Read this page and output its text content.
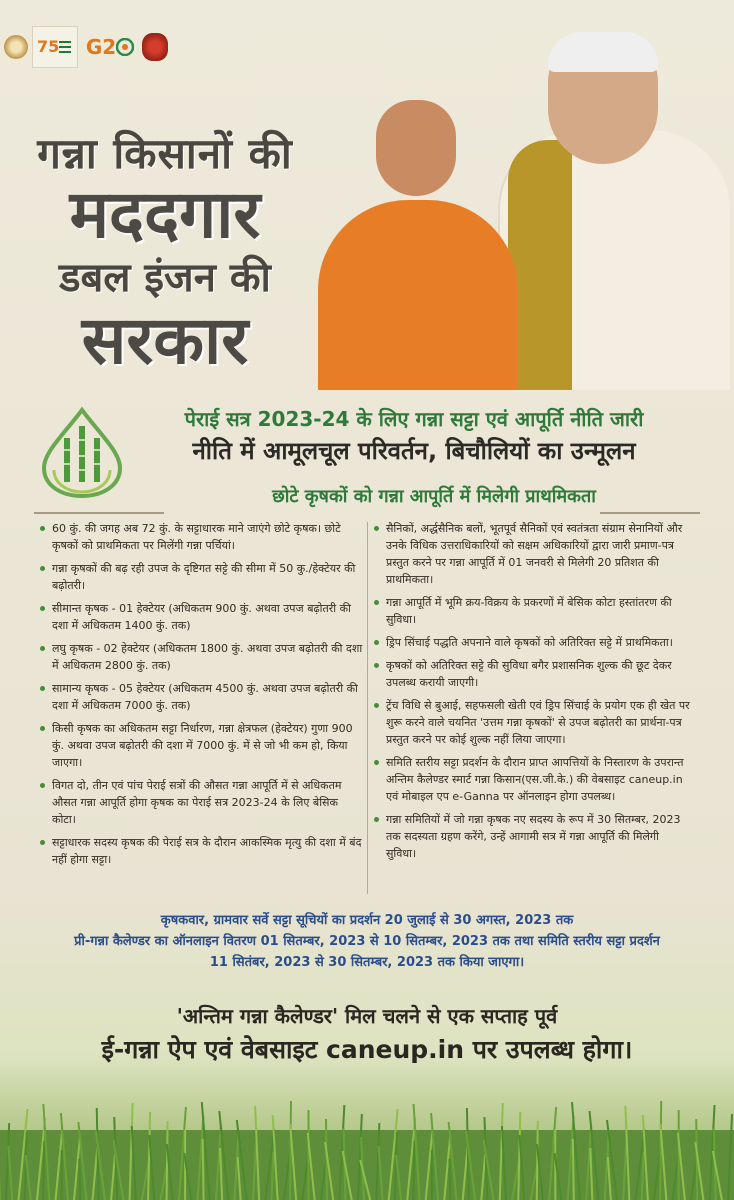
75 G2
गन्ना किसानों की
मददगार
डबल इंजन की
सरकार
पेराई सत्र 2023-24 के लिए गन्ना सट्टा एवं आपूर्ति नीति जारी
नीति में आमूलचूल परिवर्तन, बिचौलियों का उन्मूलन
छोटे कृषकों को गन्ना आपूर्ति में मिलेगी प्राथमिकता
60 कुं. की जगह अब 72 कुं. के सट्टाधारक माने जाएंगे छोटे कृषक। छोटे कृषकों को प्राथमिकता पर मिलेंगी गन्ना पर्चियां।
गन्ना कृषकों की बढ़ रही उपज के दृष्टिगत सट्टे की सीमा में 50 कु./हेक्टेयर की बढ़ोतरी।
सीमान्त कृषक - 01 हेक्टेयर (अधिकतम 900 कुं. अथवा उपज बढ़ोतरी की दशा में अधिकतम 1400 कुं. तक)
लघु कृषक - 02 हेक्टेयर (अधिकतम 1800 कुं. अथवा उपज बढ़ोतरी की दशा में अधिकतम 2800 कुं. तक)
सामान्य कृषक - 05 हेक्टेयर (अधिकतम 4500 कुं. अथवा उपज बढ़ोतरी की दशा में अधिकतम 7000 कुं. तक)
किसी कृषक का अधिकतम सट्टा निर्धारण, गन्ना क्षेत्रफल (हेक्टेयर) गुणा 900 कुं. अथवा उपज बढ़ोतरी की दशा में 7000 कुं. में से जो भी कम हो, किया जाएगा।
विगत दो, तीन एवं पांच पेराई सत्रों की औसत गन्ना आपूर्ति में से अधिकतम औसत गन्ना आपूर्ति होगा कृषक का पेराई सत्र 2023-24 के लिए बेसिक कोटा।
सट्टाधारक सदस्य कृषक की पेराई सत्र के दौरान आकस्मिक मृत्यु की दशा में बंद नहीं होगा सट्टा।
सैनिकों, अर्द्धसैनिक बलों, भूतपूर्व सैनिकों एवं स्वतंत्रता संग्राम सेनानियों और उनके विधिक उत्तराधिकारियों को सक्षम अधिकारियों द्वारा जारी प्रमाण-पत्र प्रस्तुत करने पर गन्ना आपूर्ति में 01 जनवरी से मिलेगी 20 प्रतिशत की प्राथमिकता।
गन्ना आपूर्ति में भूमि क्रय-विक्रय के प्रकरणों में बेसिक कोटा हस्तांतरण की सुविधा।
ड्रिप सिंचाई पद्धति अपनाने वाले कृषकों को अतिरिक्त सट्टे में प्राथमिकता।
कृषकों को अतिरिक्त सट्टे की सुविधा बगैर प्रशासनिक शुल्क की छूट देकर उपलब्ध करायी जाएगी।
ट्रेंच विधि से बुआई, सहफसली खेती एवं ड्रिप सिंचाई के प्रयोग एक ही खेत पर शुरू करने वाले चयनित 'उत्तम गन्ना कृषकों' से उपज बढ़ोतरी का प्रार्थना-पत्र प्रस्तुत करने पर कोई शुल्क नहीं लिया जाएगा।
समिति स्तरीय सट्टा प्रदर्शन के दौरान प्राप्त आपत्तियों के निस्तारण के उपरान्त अन्तिम कैलेण्डर स्मार्ट गन्ना किसान(एस.जी.के.) की वेबसाइट caneup.in एवं मोबाइल एप e-Ganna पर ऑनलाइन होगा उपलब्ध।
गन्ना समितियों में जो गन्ना कृषक नए सदस्य के रूप में 30 सितम्बर, 2023 तक सदस्यता ग्रहण करेंगे, उन्हें आगामी सत्र में गन्ना आपूर्ति की मिलेगी सुविधा।
कृषकवार, ग्रामवार सर्वे सट्टा सूचियों का प्रदर्शन 20 जुलाई से 30 अगस्त, 2023 तक
प्री-गन्ना कैलेण्डर का ऑनलाइन वितरण 01 सितम्बर, 2023 से 10 सितम्बर, 2023 तक तथा समिति स्तरीय सट्टा प्रदर्शन
11 सितंबर, 2023 से 30 सितम्बर, 2023 तक किया जाएगा।
'अन्तिम गन्ना कैलेण्डर' मिल चलने से एक सप्ताह पूर्व
ई-गन्ना ऐप एवं वेबसाइट caneup.in पर उपलब्ध होगा।
